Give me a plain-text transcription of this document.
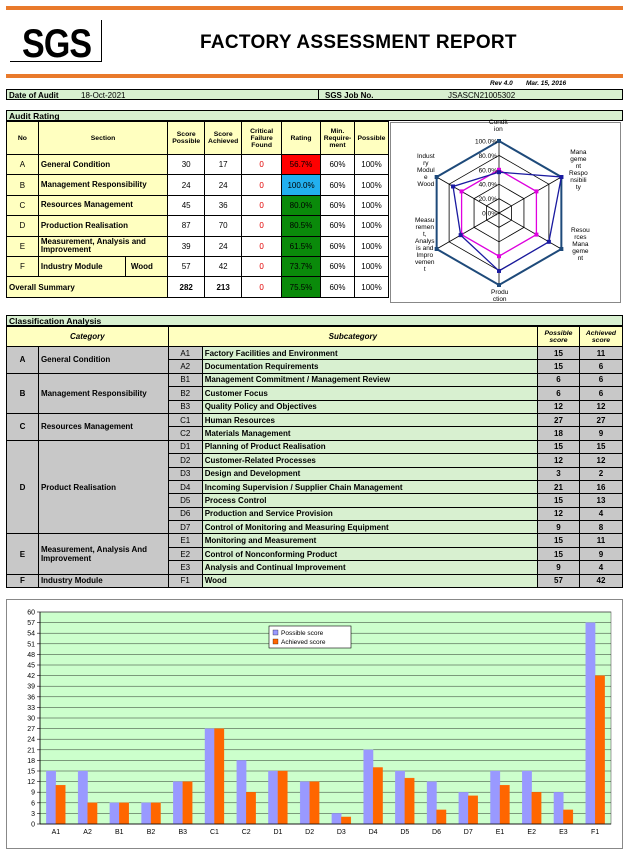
SGS	FACTORY ASSESSMENT REPORT
Rev 4.0 Mar. 15, 2016
Date of Audit	18-Oct-2021	SGS Job No.	JSASCN21005302
Audit Rating
No	Section	Score Possible	Score Achieved	Critical Failure Found	Rating	Min. Require-ment	Possible
A	General Condition	30	17	0	56.7%	60%	100%
B	Management Responsibility	24	24	0	100.0%	60%	100%
C	Resources Management	45	36	0	80.0%	60%	100%
D	Production Realisation	87	70	0	80.5%	60%	100%
E	Measurement, Analysis and Improvement	39	24	0	61.5%	60%	100%
F	Industry Module Wood	57	42	0	73.7%	60%	100%
Overall Summary		282	213	0	75.5%	60%	100%
100.0%
80.0%
60.0%
40.0%
20.0%
0.0%
Condit
ion
Mana
geme
nt
Respo
nsibili
ty
Resou
rces
Mana
geme
nt
Produ
ction
Measu
remen
t,
Analys
is and
Impro
vemen
t
Indust
ry
Modul
e
Wood
Classification Analysis
Category		Subcategory		Possible score	Achieved score
A	General Condition	A1	Factory Facilities and Environment	15	11
		A2	Documentation Requirements	15	6
B	Management Responsibility	B1	Management Commitment / Management Review	6	6
		B2	Customer Focus	6	6
		B3	Quality Policy and Objectives	12	12
C	Resources Management	C1	Human Resources	27	27
		C2	Materials Management	18	9
D	Product Realisation	D1	Planning of Product Realisation	15	15
		D2	Customer-Related Processes	12	12
		D3	Design and Development	3	2
		D4	Incoming Supervision / Supplier Chain Management	21	16
		D5	Process Control	15	13
		D6	Production and Service Provision	12	4
		D7	Control of Monitoring and Measuring Equipment	9	8
E	Measurement, Analysis And Improvement	E1	Monitoring and Measurement	15	11
		E2	Control of Nonconforming Product	15	9
		E3	Analysis and Continual Improvement	9	4
F	Industry Module	F1	Wood	57	42
0
3
6
9
12
15
18
21
24
27
30
33
36
39
42
45
48
51
54
57
60
A1	A2	B1	B2	B3	C1	C2	D1	D2	D3	D4	D5	D6	D7	E1	E2	E3	F1
Possible score
Achieved score
